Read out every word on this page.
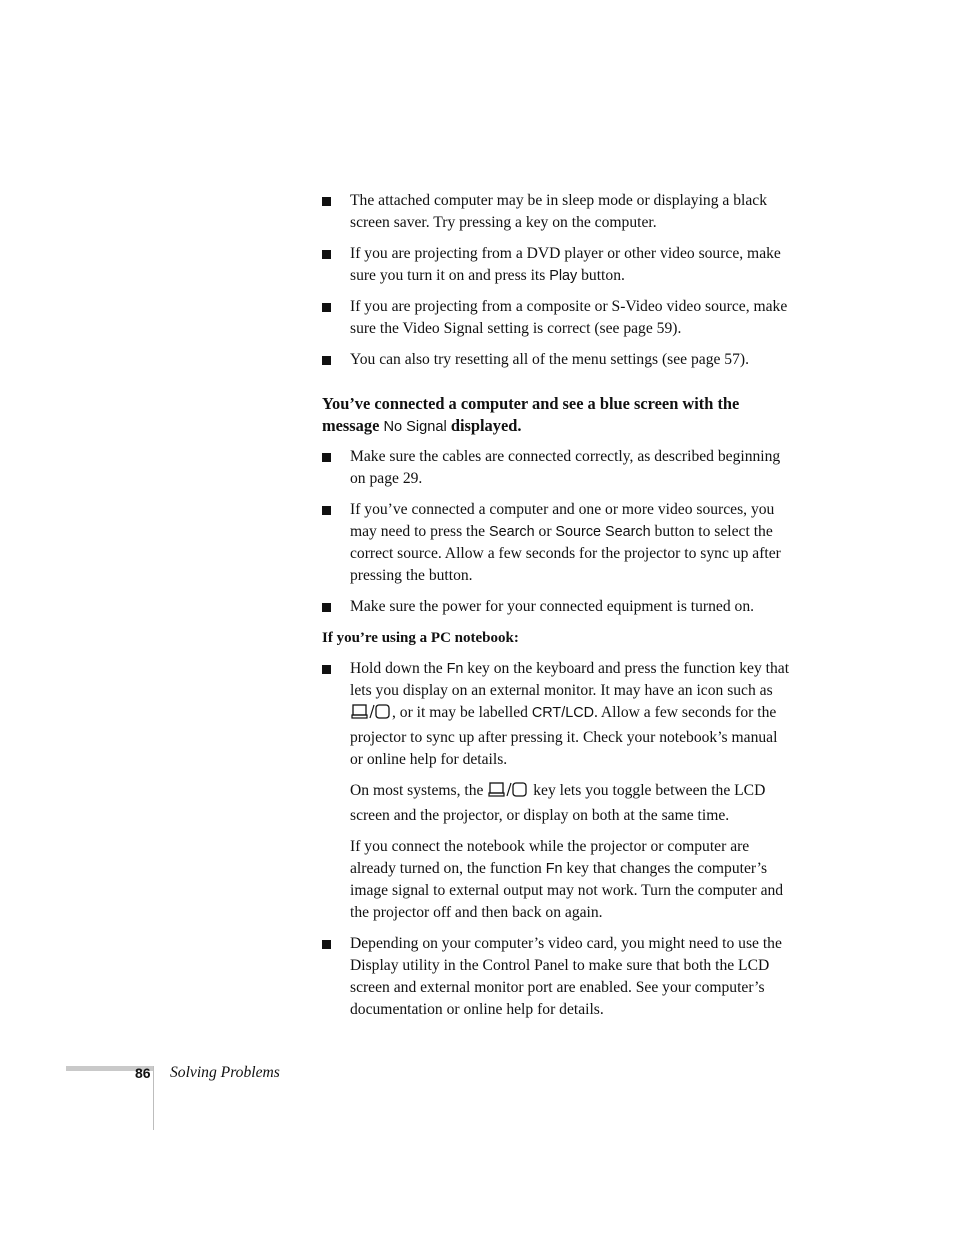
The attached computer may be in sleep mode or displaying a black screen saver. Try pressing a key on the computer.

If you are projecting from a DVD player or other video source, make sure you turn it on and press its Play button.

If you are projecting from a composite or S-Video video source, make sure the Video Signal setting is correct (see page 59).

You can also try resetting all of the menu settings (see page 57).

You’ve connected a computer and see a blue screen with the message No Signal displayed.

Make sure the cables are connected correctly, as described beginning on page 29.

If you’ve connected a computer and one or more video sources, you may need to press the Search or Source Search button to select the correct source. Allow a few seconds for the projector to sync up after pressing the button.

Make sure the power for your connected equipment is turned on.

If you’re using a PC notebook:

Hold down the Fn key on the keyboard and press the function key that lets you display on an external monitor. It may have an icon such as , or it may be labelled CRT/LCD. Allow a few seconds for the projector to sync up after pressing it. Check your notebook’s manual or online help for details.

On most systems, the	key lets you toggle between the LCD screen and the projector, or display on both at the same time.

If you connect the notebook while the projector or computer are already turned on, the function Fn key that changes the computer’s image signal to external output may not work. Turn the computer and the projector off and then back on again.

Depending on your computer’s video card, you might need to use the Display utility in the Control Panel to make sure that both the LCD screen and external monitor port are enabled. See your computer’s documentation or online help for details.

86 Solving Problems
